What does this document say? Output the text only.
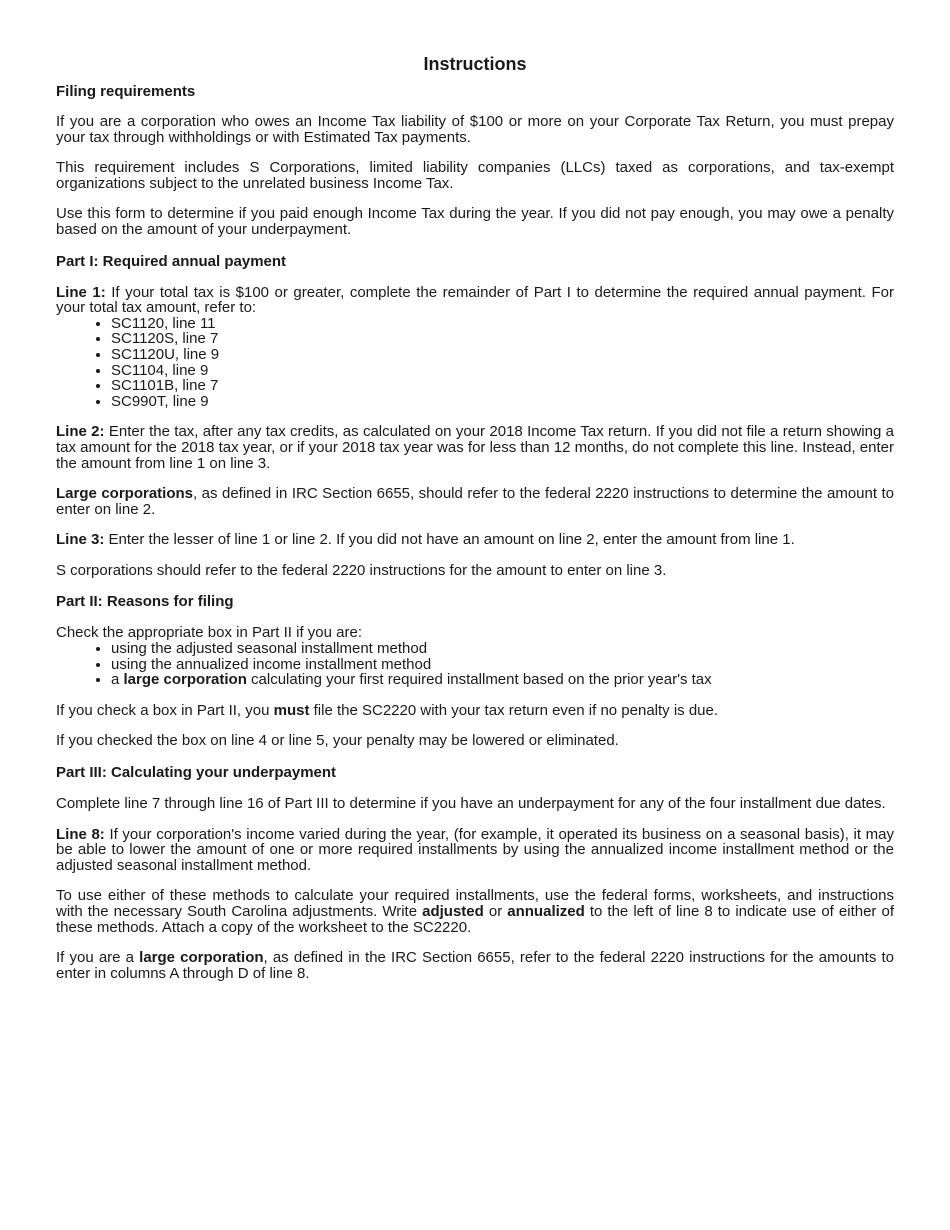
Instructions
Filing requirements

If you are a corporation who owes an Income Tax liability of $100 or more on your Corporate Tax Return, you must prepay your tax through withholdings or with Estimated Tax payments.

This requirement includes S Corporations, limited liability companies (LLCs) taxed as corporations, and tax-exempt organizations subject to the unrelated business Income Tax.

Use this form to determine if you paid enough Income Tax during the year. If you did not pay enough, you may owe a penalty based on the amount of your underpayment.

Part I: Required annual payment

Line 1: If your total tax is $100 or greater, complete the remainder of Part I to determine the required annual payment. For your total tax amount, refer to:

• SC1120, line 11
• SC1120S, line 7
• SC1120U, line 9
• SC1104, line 9
• SC1101B, line 7
• SC990T, line 9

Line 2: Enter the tax, after any tax credits, as calculated on your 2018 Income Tax return. If you did not file a return showing a tax amount for the 2018 tax year, or if your 2018 tax year was for less than 12 months, do not complete this line. Instead, enter the amount from line 1 on line 3.

Large corporations, as defined in IRC Section 6655, should refer to the federal 2220 instructions to determine the amount to enter on line 2.

Line 3: Enter the lesser of line 1 or line 2. If you did not have an amount on line 2, enter the amount from line 1.

S corporations should refer to the federal 2220 instructions for the amount to enter on line 3.

Part II: Reasons for filing

Check the appropriate box in Part II if you are:

• using the adjusted seasonal installment method
• using the annualized income installment method
• a large corporation calculating your first required installment based on the prior year's tax

If you check a box in Part II, you must file the SC2220 with your tax return even if no penalty is due.

If you checked the box on line 4 or line 5, your penalty may be lowered or eliminated.

Part III: Calculating your underpayment

Complete line 7 through line 16 of Part III to determine if you have an underpayment for any of the four installment due dates.

Line 8: If your corporation's income varied during the year, (for example, it operated its business on a seasonal basis), it may be able to lower the amount of one or more required installments by using the annualized income installment method or the adjusted seasonal installment method.

To use either of these methods to calculate your required installments, use the federal forms, worksheets, and instructions with the necessary South Carolina adjustments. Write adjusted or annualized to the left of line 8 to indicate use of either of these methods. Attach a copy of the worksheet to the SC2220.

If you are a large corporation, as defined in the IRC Section 6655, refer to the federal 2220 instructions for the amounts to enter in columns A through D of line 8.
